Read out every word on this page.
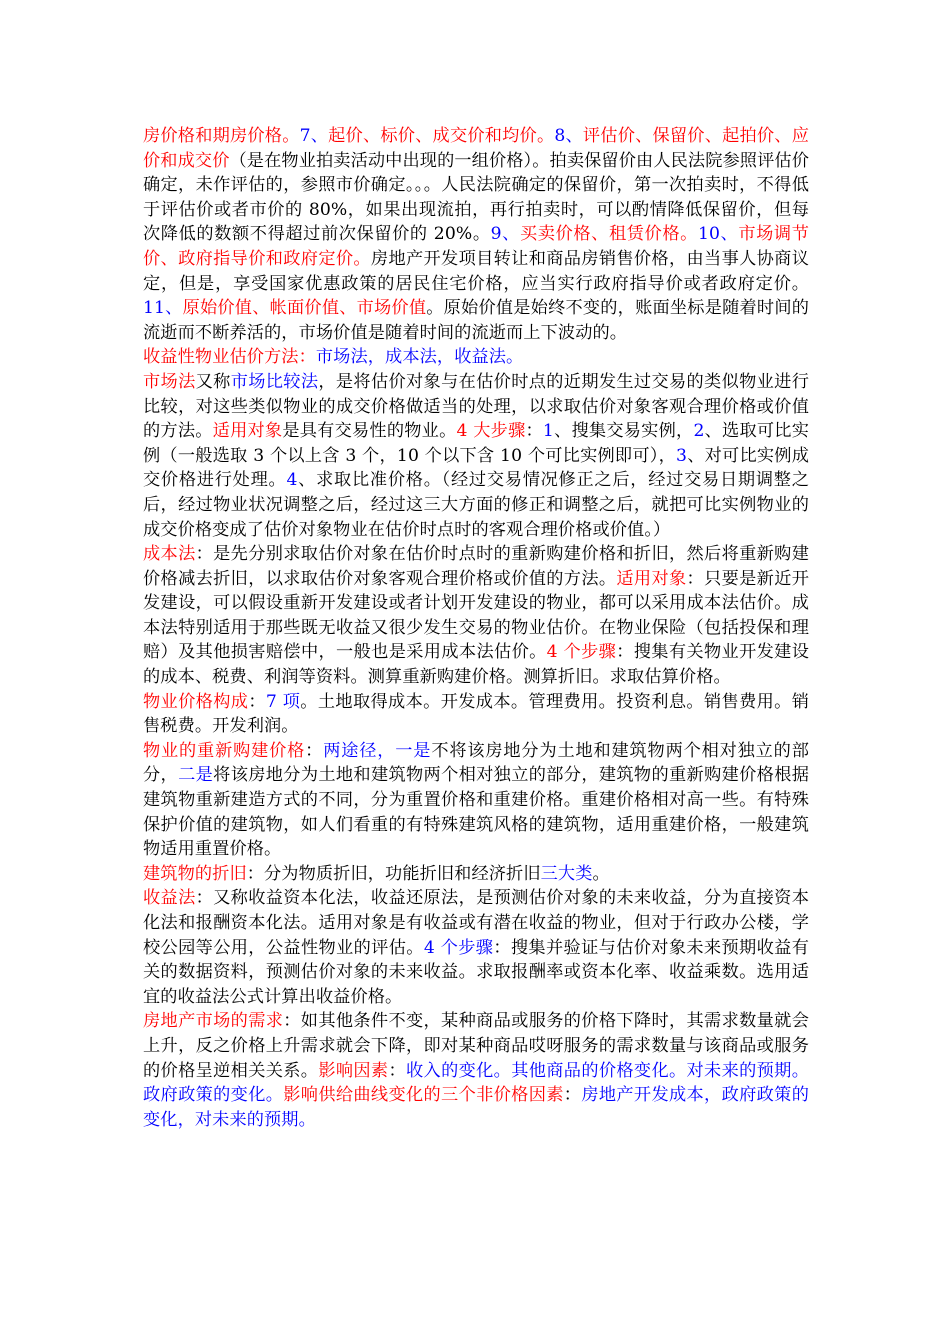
房价格和期房价格。7、起价、标价、成交价和均价。8、评估价、保留价、起拍价、应价和成交价（是在物业拍卖活动中出现的一组价格）。拍卖保留价由人民法院参照评估价确定，未作评估的，参照市价确定。。。人民法院确定的保留价，第一次拍卖时，不得低于评估价或者市价的 80%，如果出现流拍，再行拍卖时，可以酌情降低保留价，但每次降低的数额不得超过前次保留价的 20%。9、买卖价格、租赁价格。10、市场调节价、政府指导价和政府定价。房地产开发项目转让和商品房销售价格，由当事人协商议定，但是，享受国家优惠政策的居民住宅价格，应当实行政府指导价或者政府定价。11、原始价值、帐面价值、市场价值。原始价值是始终不变的，账面坐标是随着时间的流逝而不断养活的，市场价值是随着时间的流逝而上下波动的。

收益性物业估价方法：市场法，成本法，收益法。

市场法又称市场比较法，是将估价对象与在估价时点的近期发生过交易的类似物业进行比较，对这些类似物业的成交价格做适当的处理，以求取估价对象客观合理价格或价值的方法。适用对象是具有交易性的物业。4 大步骤：1、搜集交易实例，2、选取可比实例（一般选取 3 个以上含 3 个，10 个以下含 10 个可比实例即可），3、对可比实例成交价格进行处理。4、求取比准价格。（经过交易情况修正之后，经过交易日期调整之后，经过物业状况调整之后，经过这三大方面的修正和调整之后，就把可比实例物业的成交价格变成了估价对象物业在估价时点时的客观合理价格或价值。）

成本法：是先分别求取估价对象在估价时点时的重新购建价格和折旧，然后将重新购建价格减去折旧，以求取估价对象客观合理价格或价值的方法。适用对象：只要是新近开发建设，可以假设重新开发建设或者计划开发建设的物业，都可以采用成本法估价。成本法特别适用于那些既无收益又很少发生交易的物业估价。在物业保险（包括投保和理赔）及其他损害赔偿中，一般也是采用成本法估价。4 个步骤：搜集有关物业开发建设的成本、税费、利润等资料。测算重新购建价格。测算折旧。求取估算价格。

物业价格构成：7 项。土地取得成本。开发成本。管理费用。投资利息。销售费用。销售税费。开发利润。

物业的重新购建价格：两途径，一是不将该房地分为土地和建筑物两个相对独立的部分，二是将该房地分为土地和建筑物两个相对独立的部分，建筑物的重新购建价格根据建筑物重新建造方式的不同，分为重置价格和重建价格。重建价格相对高一些。有特殊保护价值的建筑物，如人们看重的有特殊建筑风格的建筑物，适用重建价格，一般建筑物适用重置价格。

建筑物的折旧：分为物质折旧，功能折旧和经济折旧三大类。

收益法：又称收益资本化法，收益还原法，是预测估价对象的未来收益，分为直接资本化法和报酬资本化法。适用对象是有收益或有潜在收益的物业，但对于行政办公楼，学校公园等公用，公益性物业的评估。4 个步骤：搜集并验证与估价对象未来预期收益有关的数据资料，预测估价对象的未来收益。求取报酬率或资本化率、收益乘数。选用适宜的收益法公式计算出收益价格。

房地产市场的需求：如其他条件不变，某种商品或服务的价格下降时，其需求数量就会上升，反之价格上升需求就会下降，即对某种商品哎呀服务的需求数量与该商品或服务的价格呈逆相关关系。影响因素：收入的变化。其他商品的价格变化。对未来的预期。政府政策的变化。影响供给曲线变化的三个非价格因素：房地产开发成本，政府政策的变化，对未来的预期。
